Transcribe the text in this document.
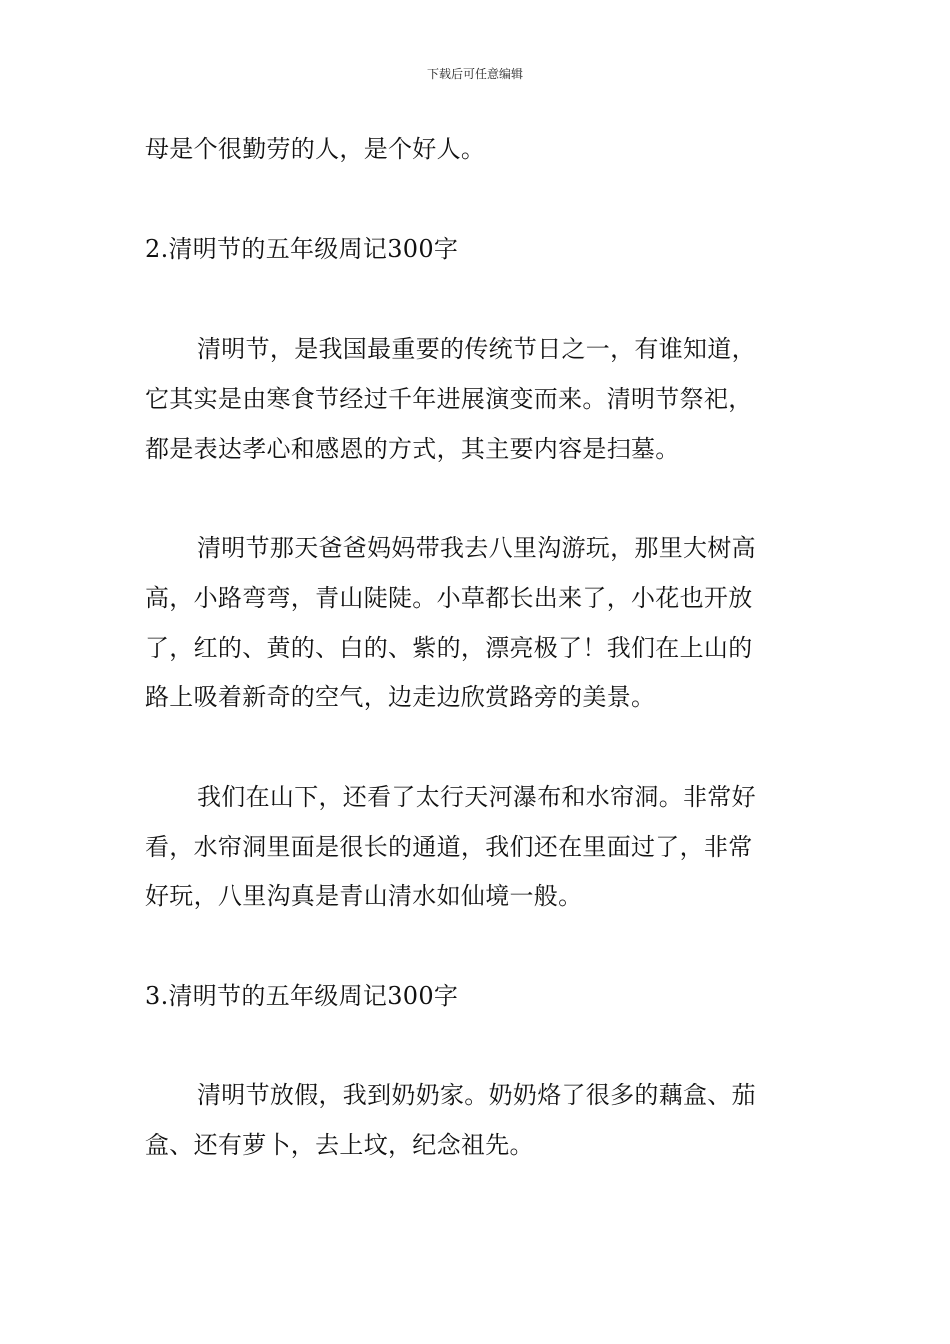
下载后可任意编辑
母是个很勤劳的人，是个好人。
2.清明节的五年级周记300字
清明节，是我国最重要的传统节日之一，有谁知道，
它其实是由寒食节经过千年进展演变而来。清明节祭祀，
都是表达孝心和感恩的方式，其主要内容是扫墓。
清明节那天爸爸妈妈带我去八里沟游玩，那里大树高
高，小路弯弯，青山陡陡。小草都长出来了，小花也开放
了，红的、黄的、白的、紫的，漂亮极了！我们在上山的
路上吸着新奇的空气，边走边欣赏路旁的美景。
我们在山下，还看了太行天河瀑布和水帘洞。非常好
看，水帘洞里面是很长的通道，我们还在里面过了，非常
好玩，八里沟真是青山清水如仙境一般。
3.清明节的五年级周记300字
清明节放假，我到奶奶家。奶奶烙了很多的藕盒、茄
盒、还有萝卜，去上坟，纪念祖先。
